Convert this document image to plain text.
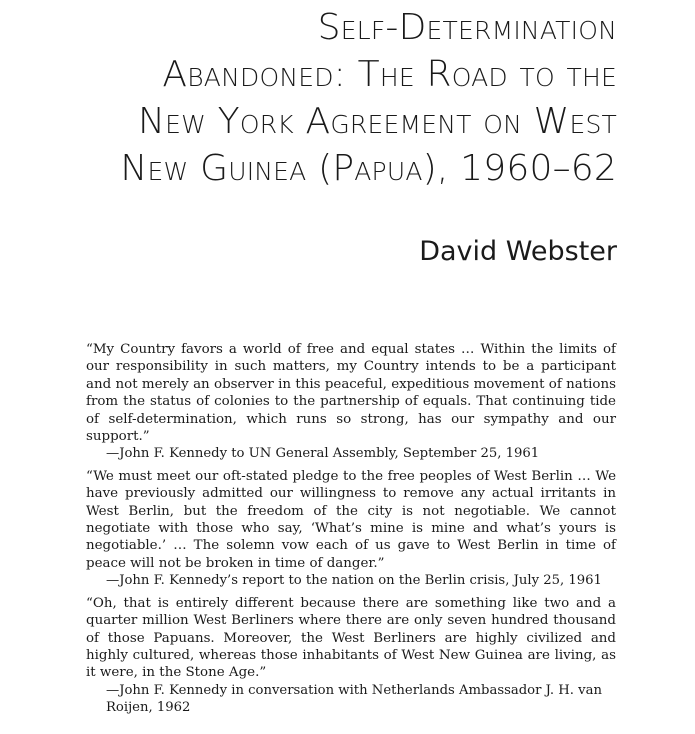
Self-Determination
Abandoned: The Road to the
New York Agreement on West
New Guinea (Papua), 1960–62
David Webster

“My Country favors a world of free and equal states … Within the limits of our responsibility in such matters, my Country intends to be a participant and not merely an observer in this peaceful, expeditious movement of nations from the status of colonies to the partnership of equals. That continuing tide of self-determination, which runs so strong, has our sympathy and our support.”

—John F. Kennedy to UN General Assembly, September 25, 1961

“We must meet our oft-stated pledge to the free peoples of West Berlin … We have previously admitted our willingness to remove any actual irritants in West Berlin, but the freedom of the city is not negotiable. We cannot negotiate with those who say, ‘What’s mine is mine and what’s yours is negotiable.’ … The solemn vow each of us gave to West Berlin in time of peace will not be broken in time of danger.”

—John F. Kennedy’s report to the nation on the Berlin crisis, July 25, 1961

“Oh, that is entirely different because there are something like two and a quarter million West Berliners where there are only seven hundred thousand of those Papuans. Moreover, the West Berliners are highly civilized and highly cultured, whereas those inhabitants of West New Guinea are living, as it were, in the Stone Age.”

—John F. Kennedy in conversation with Netherlands Ambassador J. H. van Roijen, 1962
